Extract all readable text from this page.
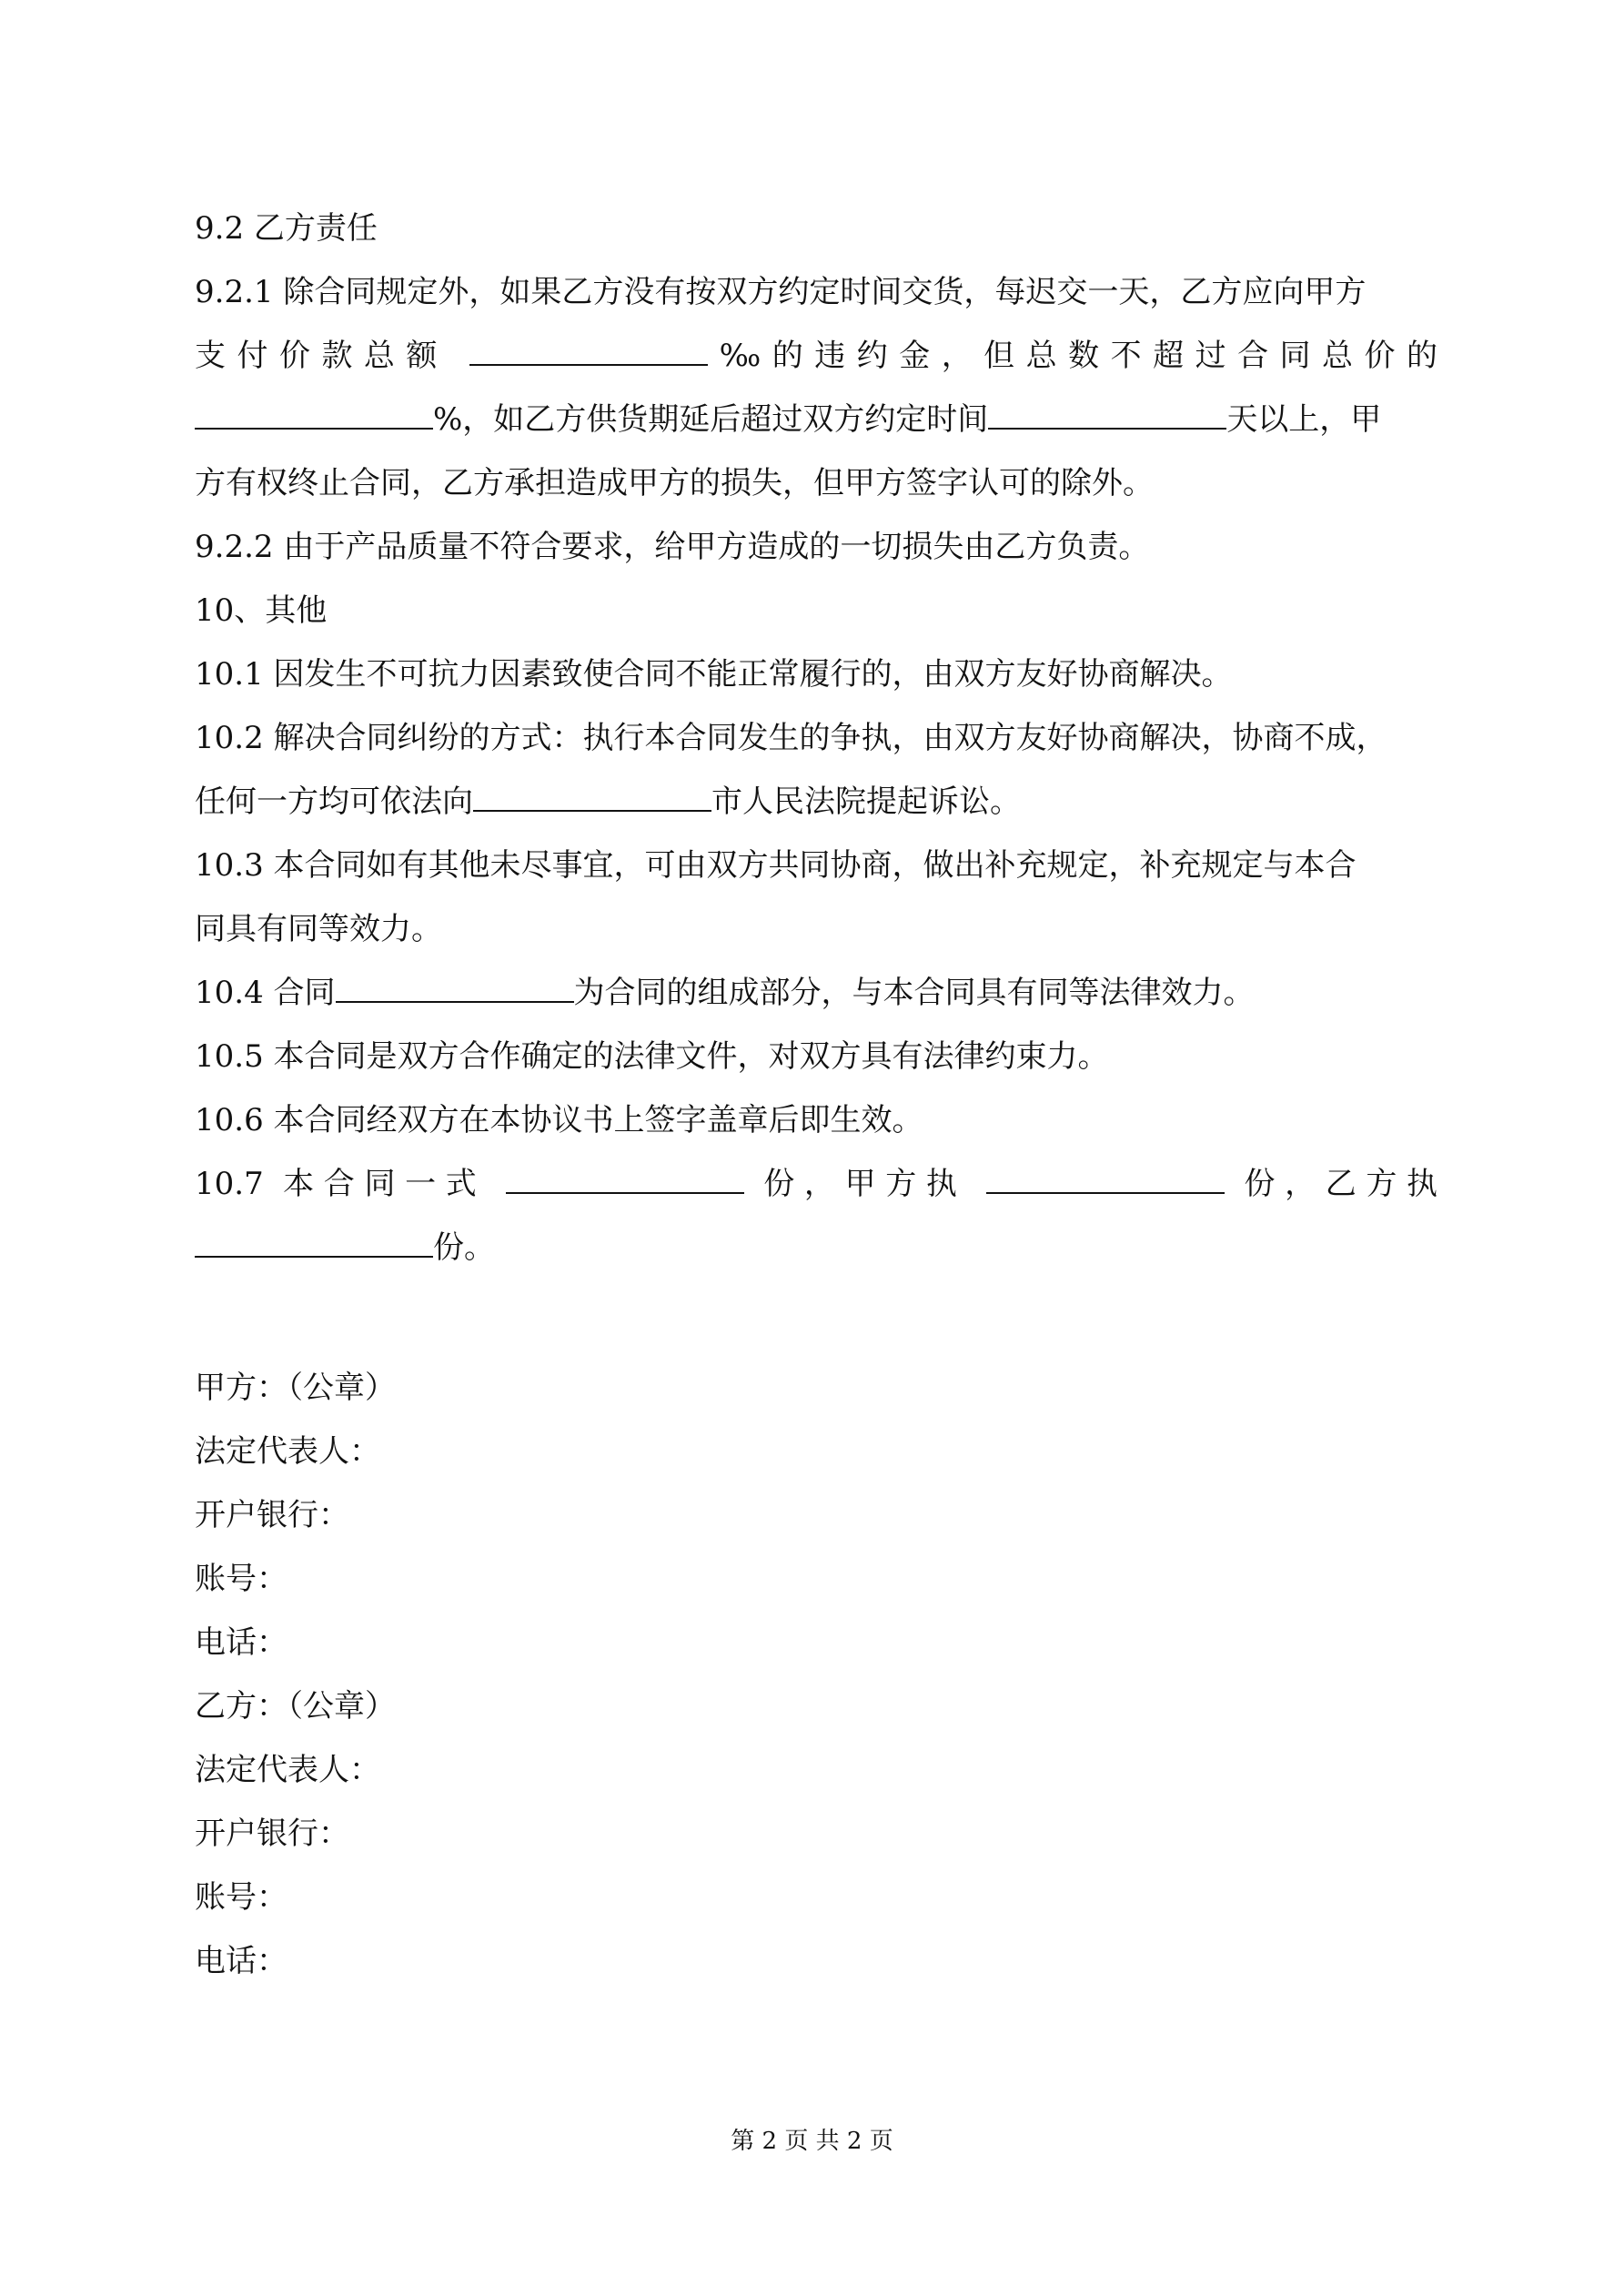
9.2 乙方责任
9.2.1 除合同规定外，如果乙方没有按双方约定时间交货，每迟交一天，乙方应向甲方
支付价款总额	‰的违约金，但总数不超过合同总价的
%，如乙方供货期延后超过双方约定时间	天以上，甲
方有权终止合同，乙方承担造成甲方的损失，但甲方签字认可的除外。
9.2.2 由于产品质量不符合要求，给甲方造成的一切损失由乙方负责。
10、其他
10.1 因发生不可抗力因素致使合同不能正常履行的，由双方友好协商解决。
10.2 解决合同纠纷的方式：执行本合同发生的争执，由双方友好协商解决，协商不成，
任何一方均可依法向	市人民法院提起诉讼。
10.3 本合同如有其他未尽事宜，可由双方共同协商，做出补充规定，补充规定与本合
同具有同等效力。
10.4 合同	为合同的组成部分，与本合同具有同等法律效力。
10.5 本合同是双方合作确定的法律文件，对双方具有法律约束力。
10.6 本合同经双方在本协议书上签字盖章后即生效。
10.7 本合同一式	份，甲方执	份，乙方执
份。
甲方：（公章）
法定代表人：
开户银行：
账号：
电话：
乙方：（公章）
法定代表人：
开户银行：
账号：
电话：
第 2 页 共 2 页
